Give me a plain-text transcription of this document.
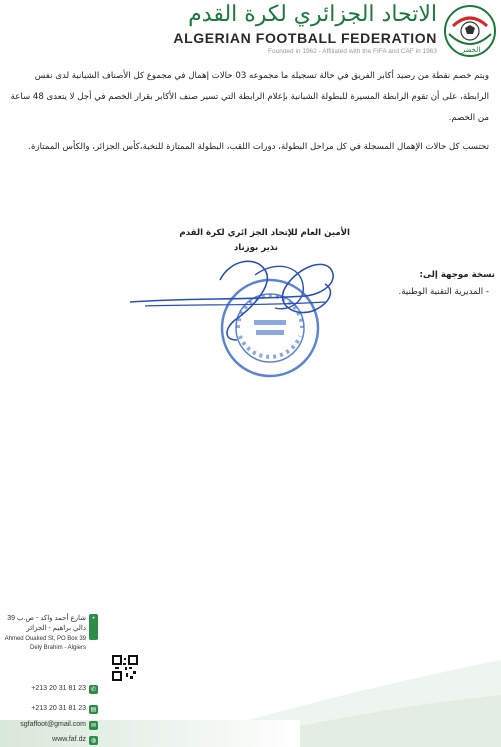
الاتحاد الجزائري لكرة القدم
ALGERIAN FOOTBALL FEDERATION
Founded in 1962 - Affiliated with the FIFA and CAF in 1963	الخضر
وبتم خصم نقطة من رصيد أكابر الفريق في حالة تسجيله ما مجموعه 03 حالات إهمال في مجموع كل الأصناف الشبانية لدى نفس الرابطة، على أن تقوم الرابطة المسيرة للبطولة الشبانية بإعلام الرابطة التي تسير صنف الأكابر بقرار الخصم في أجل لا يتعدى 48 ساعة من الخصم.
تحتسب كل حالات الإهمال المسجلة في كل مراحل البطولة، دورات اللقب، البطولة الممتازة للنخبة،كأس الجزائر، والكأس الممتازة.
الأمين العام للإتحاد الجز ائري لكرة القدم
نذير بوزناد
نسخة موجهة إلى:
- المديرية التقنية الوطنية.
شارع أحمد واكد - ص.ب 39
دالي براهيم - الجزائر
Ahmed Ouaked St, PO Box 39
Dely Brahim - Algiers
+213 20 31 81 23
+213 20 31 81 23
sgfaffoot@gmail.com
www.faf.dz
•
✆
▤
✉
◍
